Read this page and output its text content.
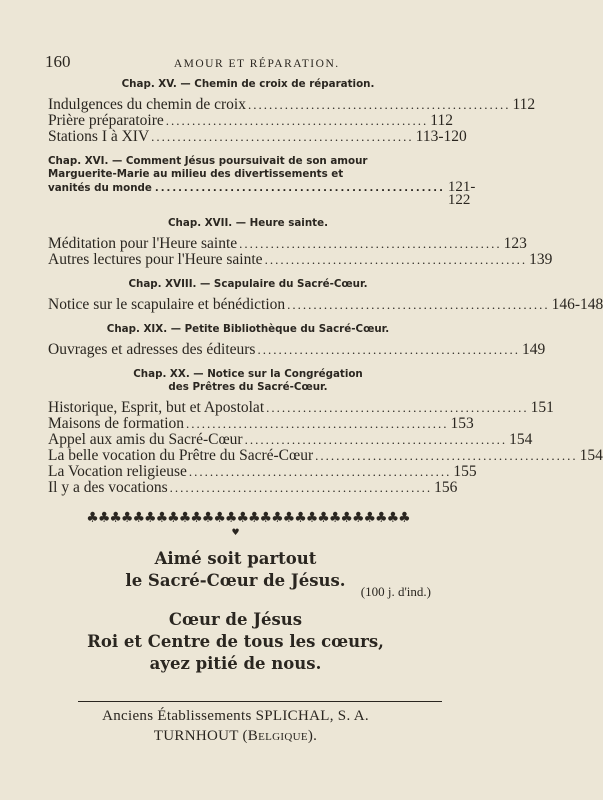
160	AMOUR ET RÉPARATION.
Chap. XV. — Chemin de croix de réparation.
Indulgences du chemin de croix .................................................. 112
Prière préparatoire .................................................. 112
Stations I à XIV .................................................. 113-120
Chap. XVI. — Comment Jésus poursuivait de son amour
Marguerite-Marie au milieu des divertissements et
vanités du monde .................................................. 121-122
Chap. XVII. — Heure sainte.
Méditation pour l'Heure sainte .................................................. 123
Autres lectures pour l'Heure sainte .................................................. 139
Chap. XVIII. — Scapulaire du Sacré-Cœur.
Notice sur le scapulaire et bénédiction .................................................. 146-148
Chap. XIX. — Petite Bibliothèque du Sacré-Cœur.
Ouvrages et adresses des éditeurs .................................................. 149
Chap. XX. — Notice sur la Congrégation
des Prêtres du Sacré-Cœur.
Historique, Esprit, but et Apostolat .................................................. 151
Maisons de formation .................................................. 153
Appel aux amis du Sacré-Cœur .................................................. 154
La belle vocation du Prêtre du Sacré-Cœur .................................................. 154
La Vocation religieuse .................................................. 155
Il y a des vocations .................................................. 156
♣♣♣♣♣♣♣♣♣♣♣♣♣♣♣♣♣♣♣♣♣♣♣♣♣♣♣♣
♥
Aimé soit partout
le Sacré-Cœur de Jésus.
(100 j. d'ind.)
Cœur de Jésus
Roi et Centre de tous les cœurs,
ayez pitié de nous.
Anciens Établissements SPLICHAL, S. A.
TURNHOUT (Belgique).
